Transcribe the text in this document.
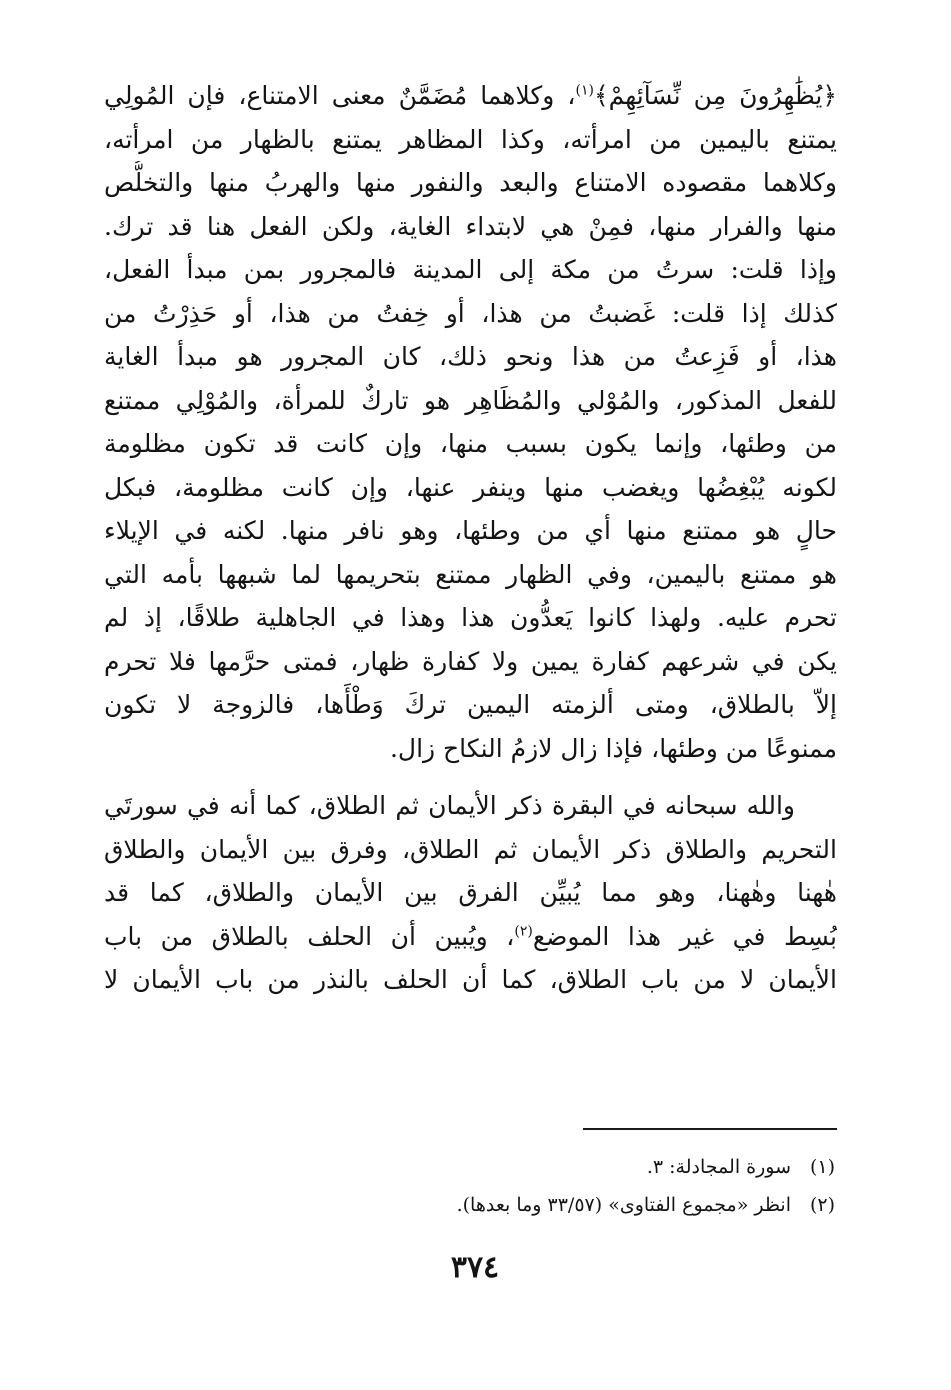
﴿يُظَٰهِرُونَ مِن نِّسَآئِهِمْ﴾$^{(١)}$، وكلاهما مُضَمَّنٌ معنى الامتناع، فإن المُولِي
يمتنع باليمين من امرأته، وكذا المظاهر يمتنع بالظهار من امرأته،
وكلاهما مقصوده الامتناع والبعد والنفور منها والهربُ منها والتخلُّص
منها والفرار منها، فمِنْ هي لابتداء الغاية، ولكن الفعل هنا قد ترك.
وإذا قلت: سرتُ من مكة إلى المدينة فالمجرور بمن مبدأ الفعل،
كذلك إذا قلت: غَضبتُ من هذا، أو خِفتُ من هذا، أو حَذِرْتُ من
هذا، أو فَزِعتُ من هذا ونحو ذلك، كان المجرور هو مبدأ الغاية
للفعل المذكور، والمُوْلي والمُظَاهِر هو تاركٌ للمرأة، والمُوْلِي ممتنع
من وطئها، وإنما يكون بسبب منها، وإن كانت قد تكون مظلومة
لكونه يُبْغِضُها ويغضب منها وينفر عنها، وإن كانت مظلومة، فبكل
حالٍ هو ممتنع منها أي من وطئها، وهو نافر منها. لكنه في الإيلاء
هو ممتنع باليمين، وفي الظهار ممتنع بتحريمها لما شبهها بأمه التي
تحرم عليه. ولهذا كانوا يَعدُّون هذا وهذا في الجاهلية طلاقًا، إذ لم
يكن في شرعهم كفارة يمين ولا كفارة ظهار، فمتى حرَّمها فلا تحرم
إلاّ بالطلاق، ومتى ألزمته اليمين تركَ وَطْأَها، فالزوجة لا تكون
ممنوعًا من وطئها، فإذا زال لازمُ النكاح زال.
والله سبحانه في البقرة ذكر الأيمان ثم الطلاق، كما أنه في سورتَي
التحريم والطلاق ذكر الأيمان ثم الطلاق، وفرق بين الأيمان والطلاق
هٰهنا وهٰهنا، وهو مما يُبيِّن الفرق بين الأيمان والطلاق، كما قد
بُسِط في غير هذا الموضع$^{(٢)}$، ويُبين أن الحلف بالطلاق من باب
الأيمان لا من باب الطلاق، كما أن الحلف بالنذر من باب الأيمان لا
(١)سورة المجادلة: ٣.
(٢)انظر «مجموع الفتاوى» (٣٣/٥٧ وما بعدها).
٣٧٤
